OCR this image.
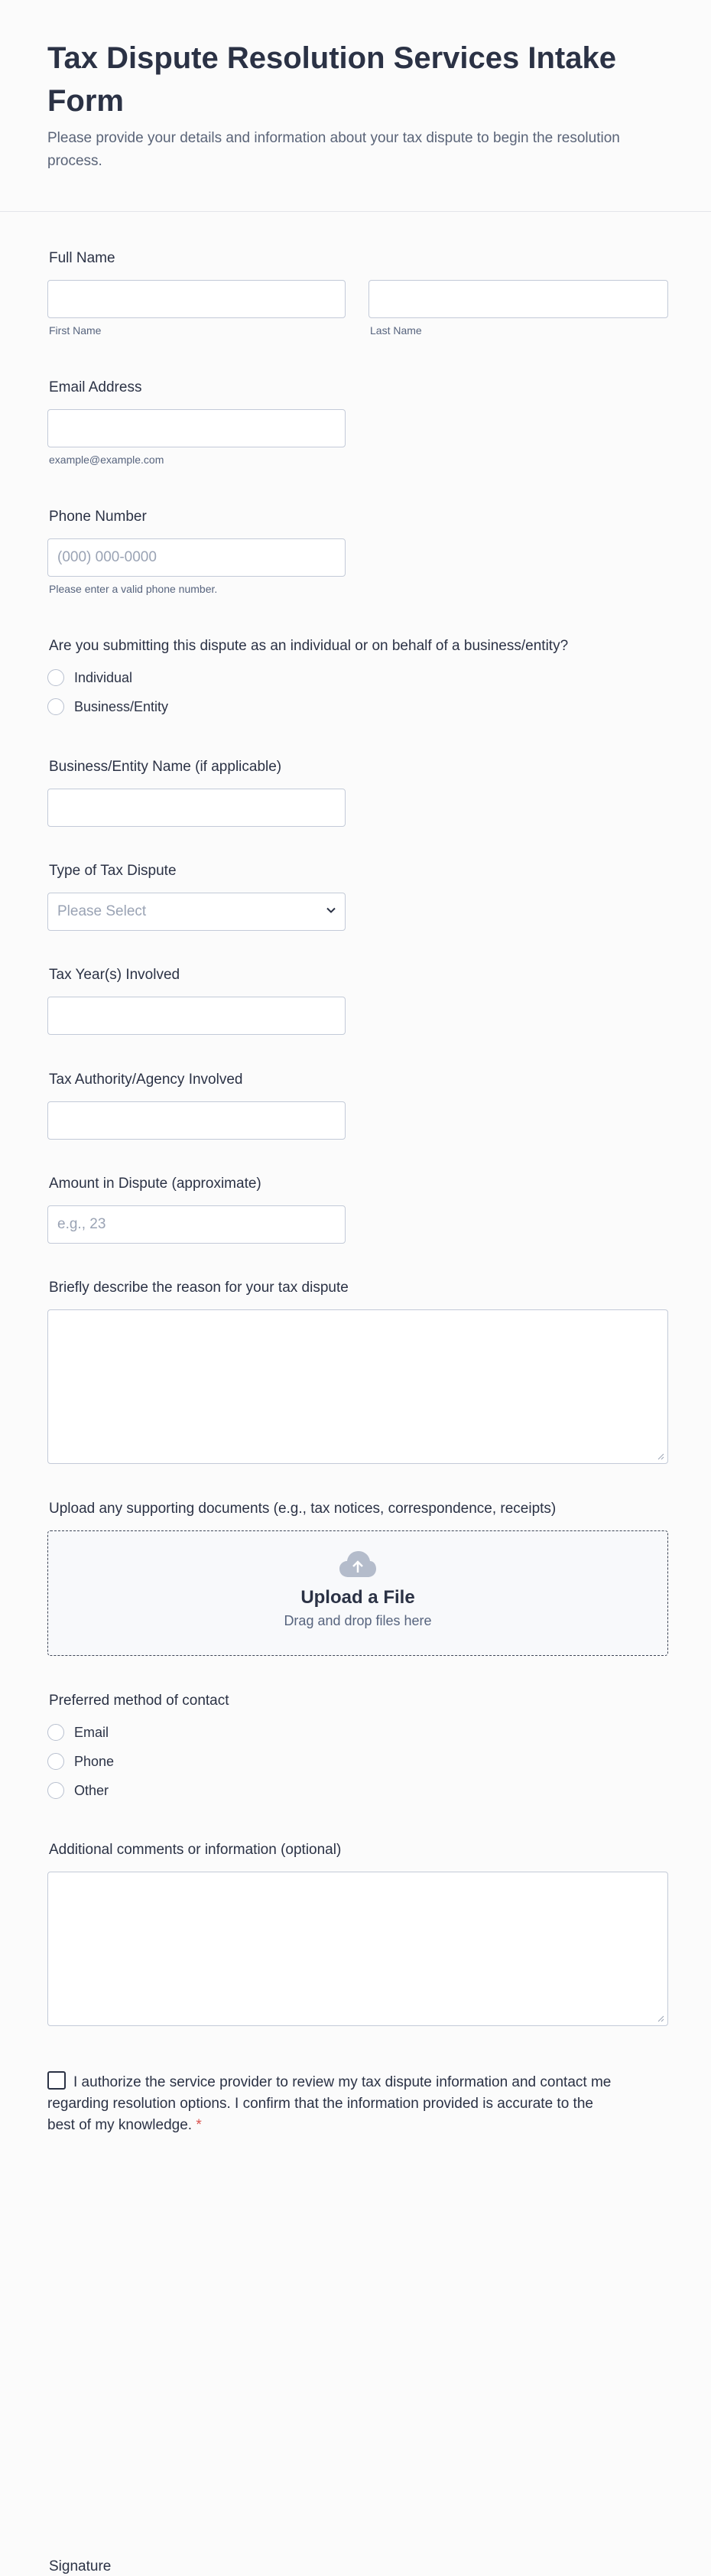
Tax Dispute Resolution Services Intake Form

Please provide your details and information about your tax dispute to begin the resolution process.

Full Name
First Name	Last Name
Email Address
example@example.com
Phone Number
(000) 000-0000
Please enter a valid phone number.
Are you submitting this dispute as an individual or on behalf of a business/entity?
Individual
Business/Entity
Business/Entity Name (if applicable)
Type of Tax Dispute
Please Select
Tax Year(s) Involved
Tax Authority/Agency Involved
Amount in Dispute (approximate)
e.g., 23
Briefly describe the reason for your tax dispute
Upload any supporting documents (e.g., tax notices, correspondence, receipts)
Upload a File
Drag and drop files here
Preferred method of contact
Email
Phone
Other
Additional comments or information (optional)
I authorize the service provider to review my tax dispute information and contact me regarding resolution options. I confirm that the information provided is accurate to the best of my knowledge. *
Signature
